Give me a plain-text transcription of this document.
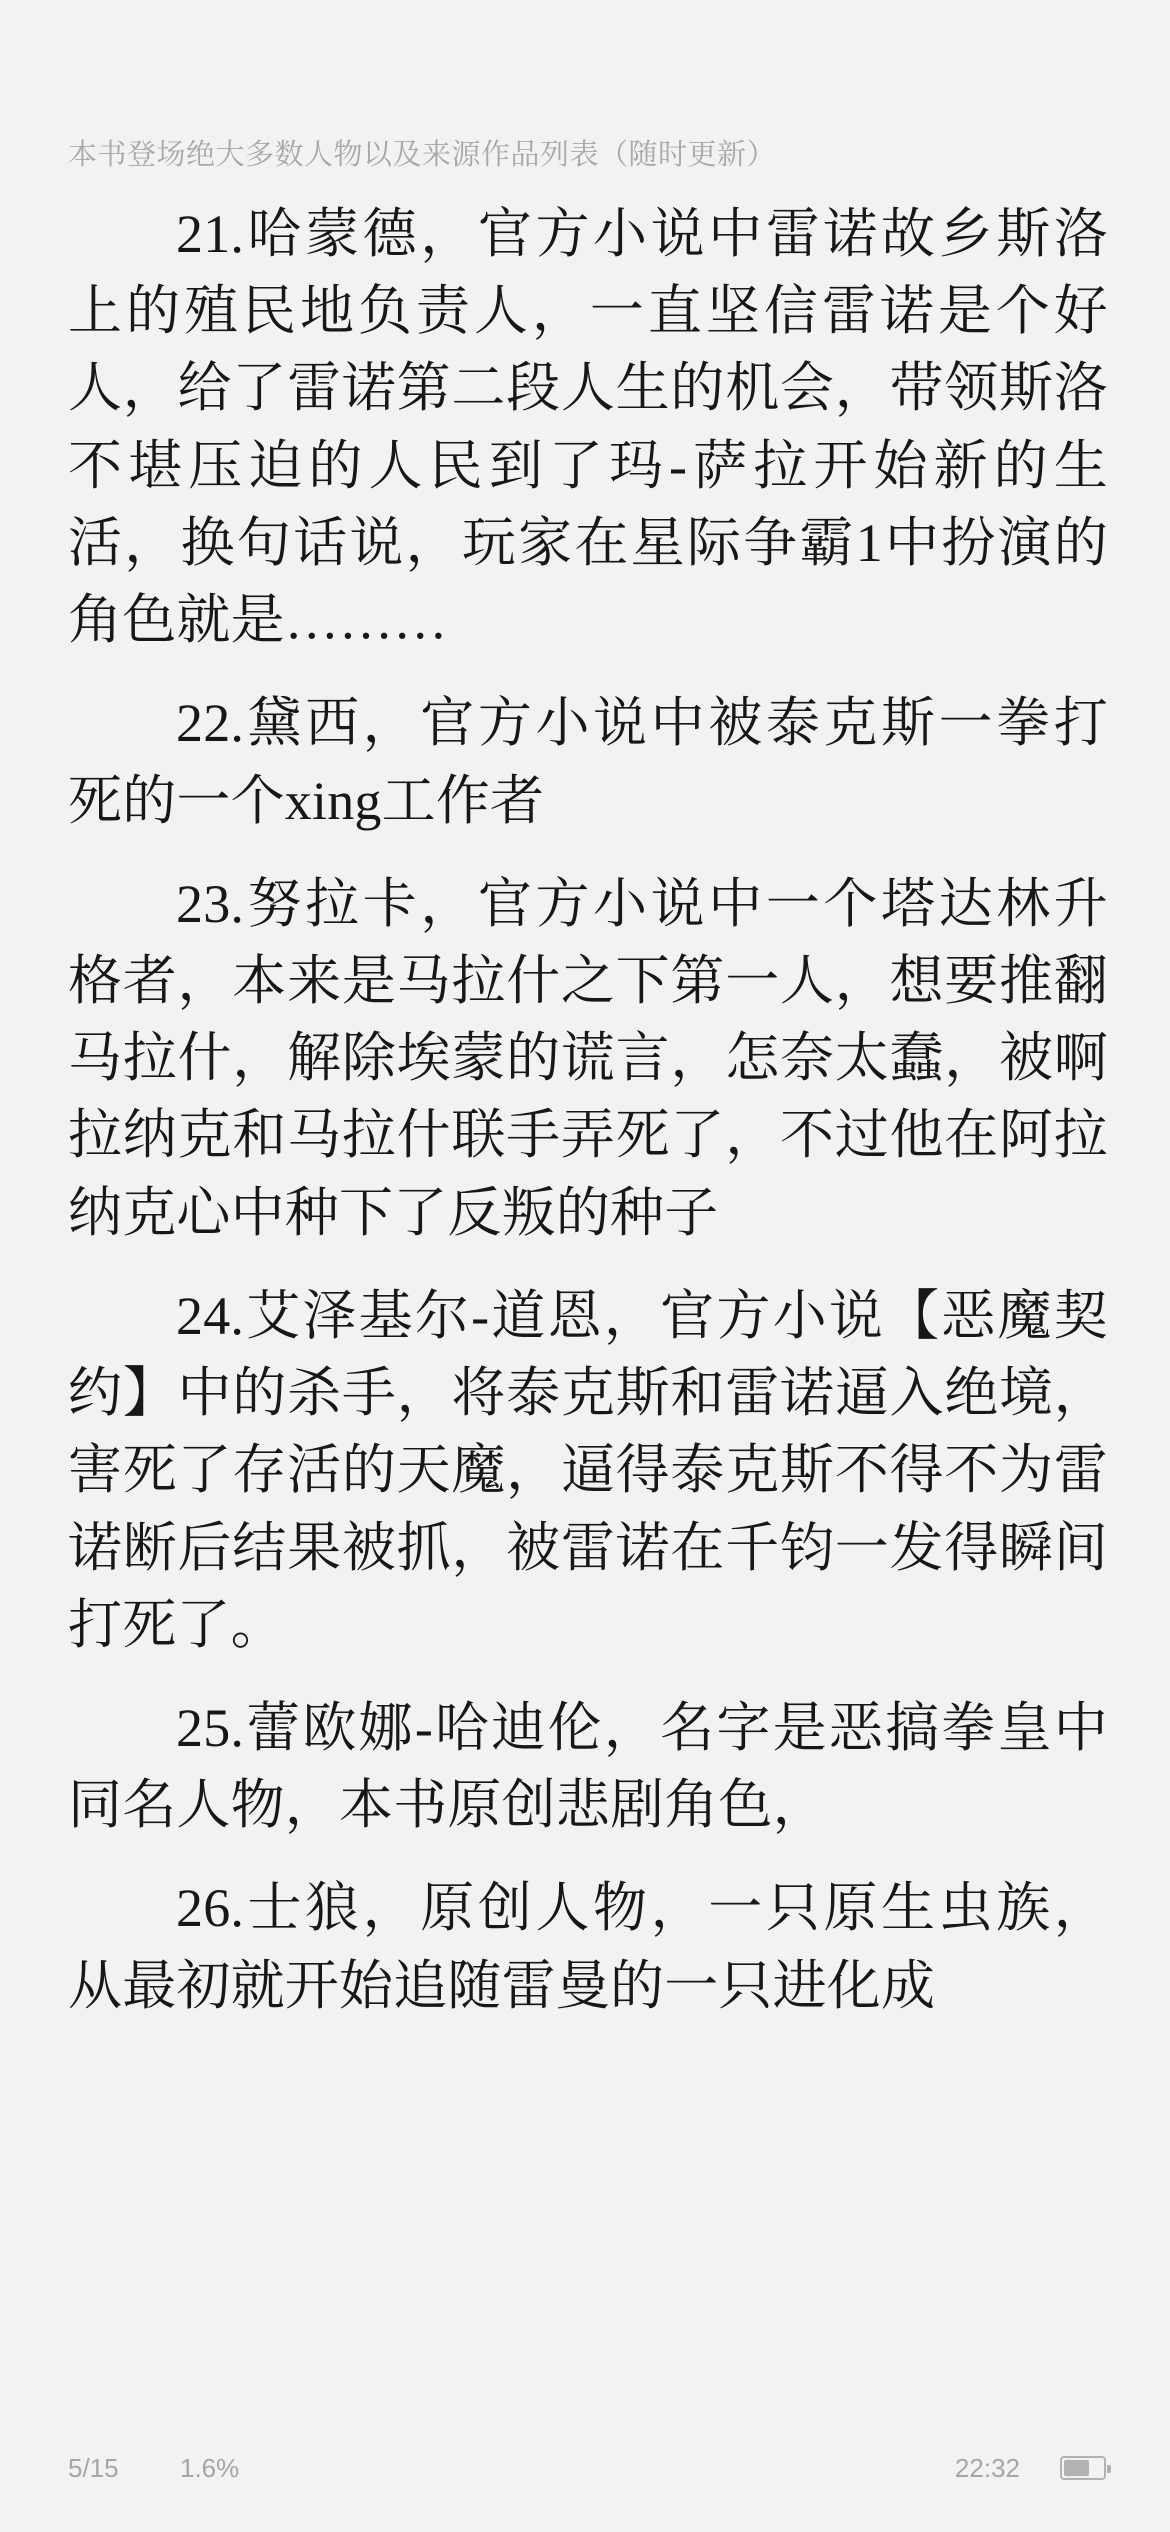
本书登场绝大多数人物以及来源作品列表（随时更新）

21.哈蒙德，官方小说中雷诺故乡斯洛上的殖民地负责人，一直坚信雷诺是个好人，给了雷诺第二段人生的机会，带领斯洛不堪压迫的人民到了玛-萨拉开始新的生活，换句话说，玩家在星际争霸1中扮演的角色就是………

22.黛西，官方小说中被泰克斯一拳打死的一个xing工作者

23.努拉卡，官方小说中一个塔达林升格者，本来是马拉什之下第一人，想要推翻马拉什，解除埃蒙的谎言，怎奈太蠢，被啊拉纳克和马拉什联手弄死了，不过他在阿拉纳克心中种下了反叛的种子

24.艾泽基尔-道恩，官方小说【恶魔契约】中的杀手，将泰克斯和雷诺逼入绝境，害死了存活的天魔，逼得泰克斯不得不为雷诺断后结果被抓，被雷诺在千钧一发得瞬间打死了。

25.蕾欧娜-哈迪伦，名字是恶搞拳皇中同名人物，本书原创悲剧角色，

26.士狼，原创人物，一只原生虫族，从最初就开始追随雷曼的一只进化成

5/15 1.6%	22:32
